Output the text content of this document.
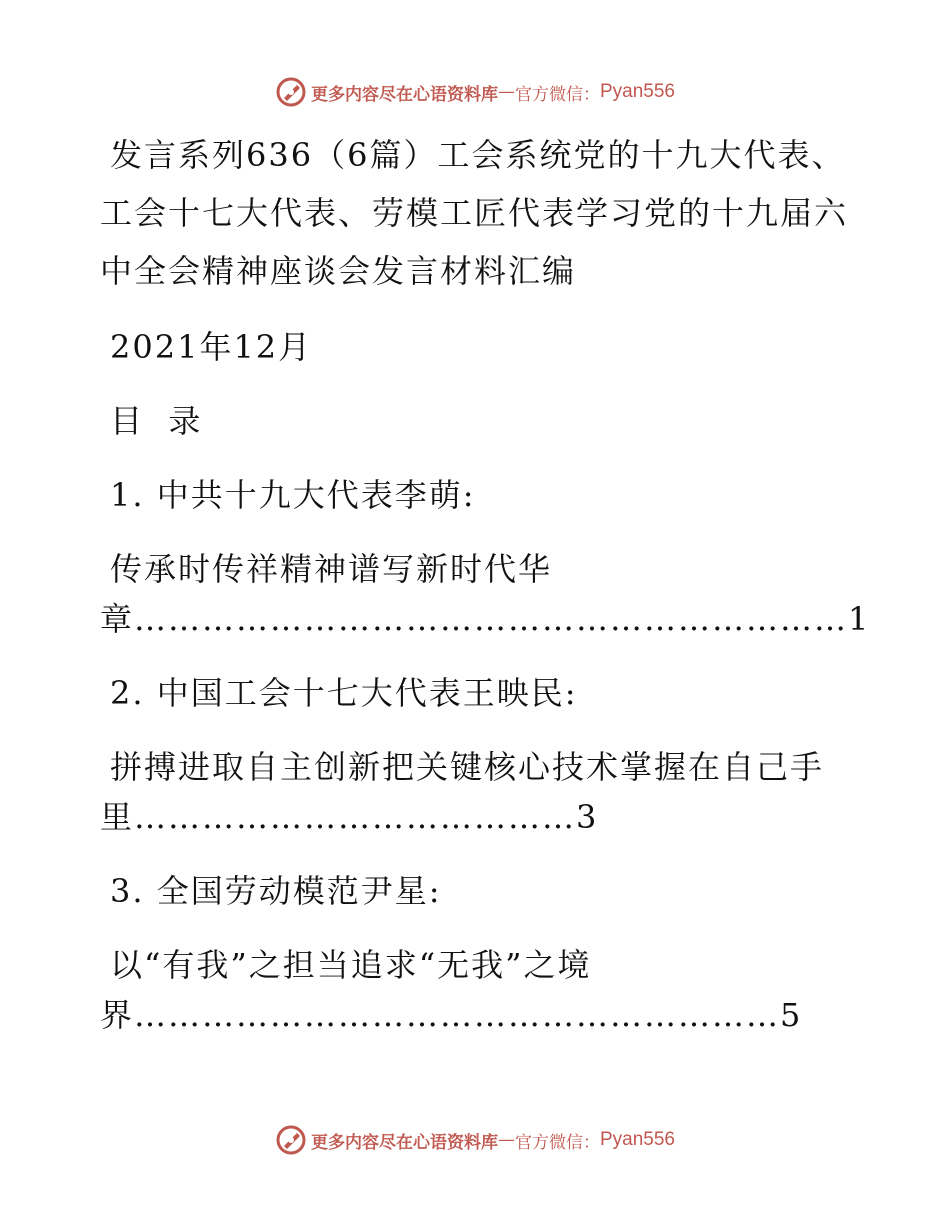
更多内容尽在心语资料库 — 官方微信： Pyan556

发言系列636（6篇）工会系统党的十九大代表、工会十七大代表、劳模工匠代表学习党的十九届六中全会精神座谈会发言材料汇编

2021年12月

目  录

1. 中共十九大代表李萌:

传承时传祥精神谱写新时代华

章………………………………………………………1

2. 中国工会十七大代表王映民:

拼搏进取自主创新把关键核心技术掌握在自己手

里…………………………………3

3. 全国劳动模范尹星:

以“有我”之担当追求“无我”之境

界…………………………………………………5

更多内容尽在心语资料库 — 官方微信： Pyan556
